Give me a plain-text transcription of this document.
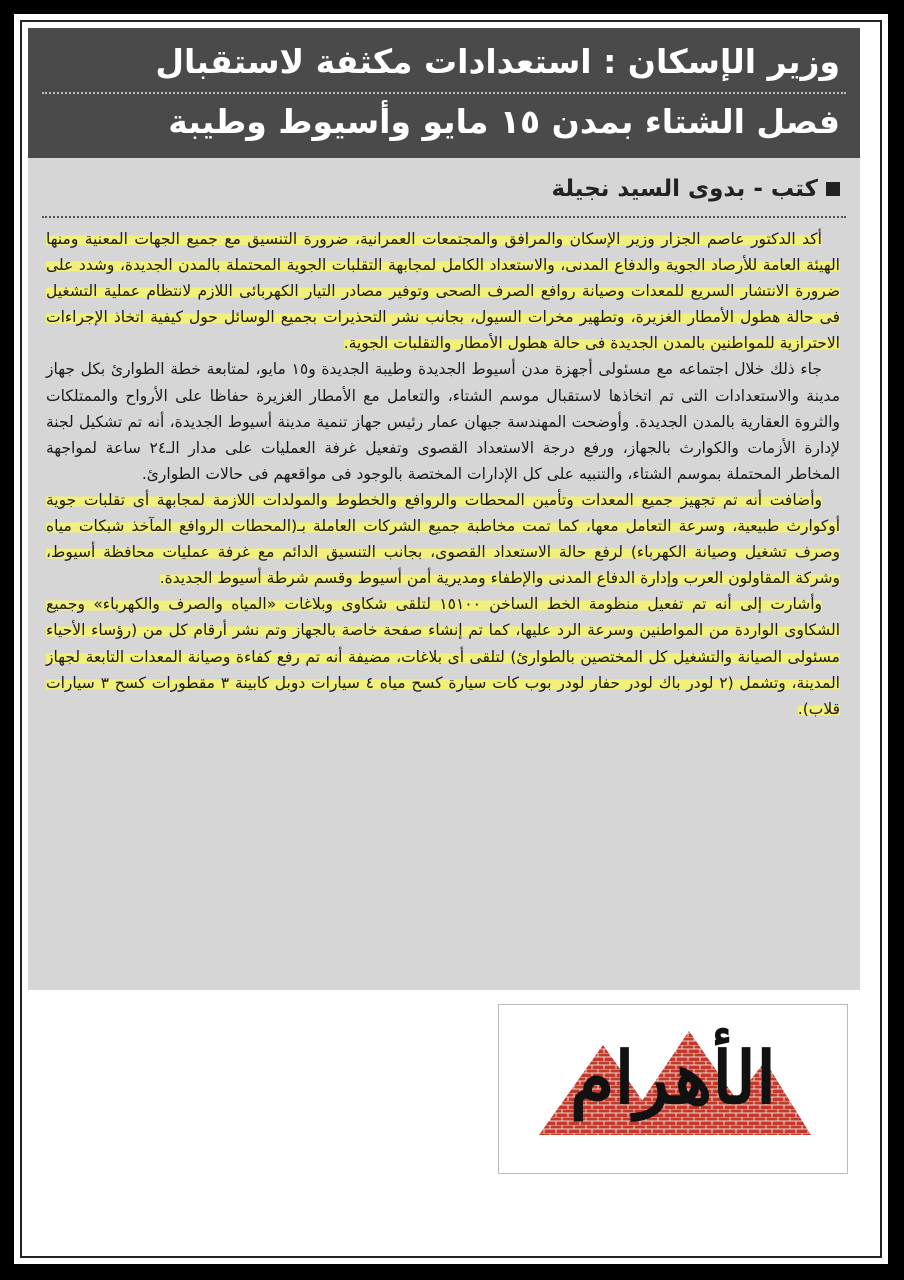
وزير الإسكان : استعدادات مكثفة لاستقبال
فصل الشتاء بمدن ١٥ مايو وأسيوط وطيبة
كتب - بدوى السيد نجيلة

أكد الدكتور عاصم الجزار وزير الإسكان والمرافق والمجتمعات العمرانية، ضرورة التنسيق مع جميع الجهات المعنية ومنها الهيئة العامة للأرصاد الجوية والدفاع المدنى، والاستعداد الكامل لمجابهة التقلبات الجوية المحتملة بالمدن الجديدة، وشدد على ضرورة الانتشار السريع للمعدات وصيانة روافع الصرف الصحى وتوفير مصادر التيار الكهربائى اللازم لانتظام عملية التشغيل فى حالة هطول الأمطار الغزيرة، وتطهير مخرات السيول، بجانب نشر التحذيرات بجميع الوسائل حول كيفية اتخاذ الإجراءات الاحترازية للمواطنين بالمدن الجديدة فى حالة هطول الأمطار والتقلبات الجوية.

جاء ذلك خلال اجتماعه مع مسئولى أجهزة مدن أسيوط الجديدة وطيبة الجديدة و١٥ مايو، لمتابعة خطة الطوارئ بكل جهاز مدينة والاستعدادات التى تم اتخاذها لاستقبال موسم الشتاء، والتعامل مع الأمطار الغزيرة حفاظا على الأرواح والممتلكات والثروة العقارية بالمدن الجديدة. وأوضحت المهندسة جيهان عمار رئيس جهاز تنمية مدينة أسيوط الجديدة، أنه تم تشكيل لجنة لإدارة الأزمات والكوارث بالجهاز، ورفع درجة الاستعداد القصوى وتفعيل غرفة العمليات على مدار الـ٢٤ ساعة لمواجهة المخاطر المحتملة بموسم الشتاء، والتنبيه على كل الإدارات المختصة بالوجود فى مواقعهم فى حالات الطوارئ.

وأضافت أنه تم تجهيز جميع المعدات وتأمين المحطات والروافع والخطوط والمولدات اللازمة لمجابهة أى تقلبات جوية أوكوارث طبيعية، وسرعة التعامل معها، كما تمت مخاطبة جميع الشركات العاملة بـ(المحطات الروافع المآخذ شبكات مياه وصرف تشغيل وصيانة الكهرباء) لرفع حالة الاستعداد القصوى، بجانب التنسيق الدائم مع غرفة عمليات محافظة أسيوط، وشركة المقاولون العرب وإدارة الدفاع المدنى والإطفاء ومديرية أمن أسيوط وقسم شرطة أسيوط الجديدة.

وأشارت إلى أنه تم تفعيل منظومة الخط الساخن ١٥١٠٠ لتلقى شكاوى وبلاغات «المياه والصرف والكهرباء» وجميع الشكاوى الواردة من المواطنين وسرعة الرد عليها، كما تم إنشاء صفحة خاصة بالجهاز وتم نشر أرقام كل من (رؤساء الأحياء مسئولى الصيانة والتشغيل كل المختصين بالطوارئ) لتلقى أى بلاغات، مضيفة أنه تم رفع كفاءة وصيانة المعدات التابعة لجهاز المدينة، وتشمل (٢ لودر باك لودر حفار لودر بوب كات سيارة كسح مياه ٤ سيارات دوبل كابينة ٣ مقطورات كسح ٣ سيارات قلاب).

الأهرام
